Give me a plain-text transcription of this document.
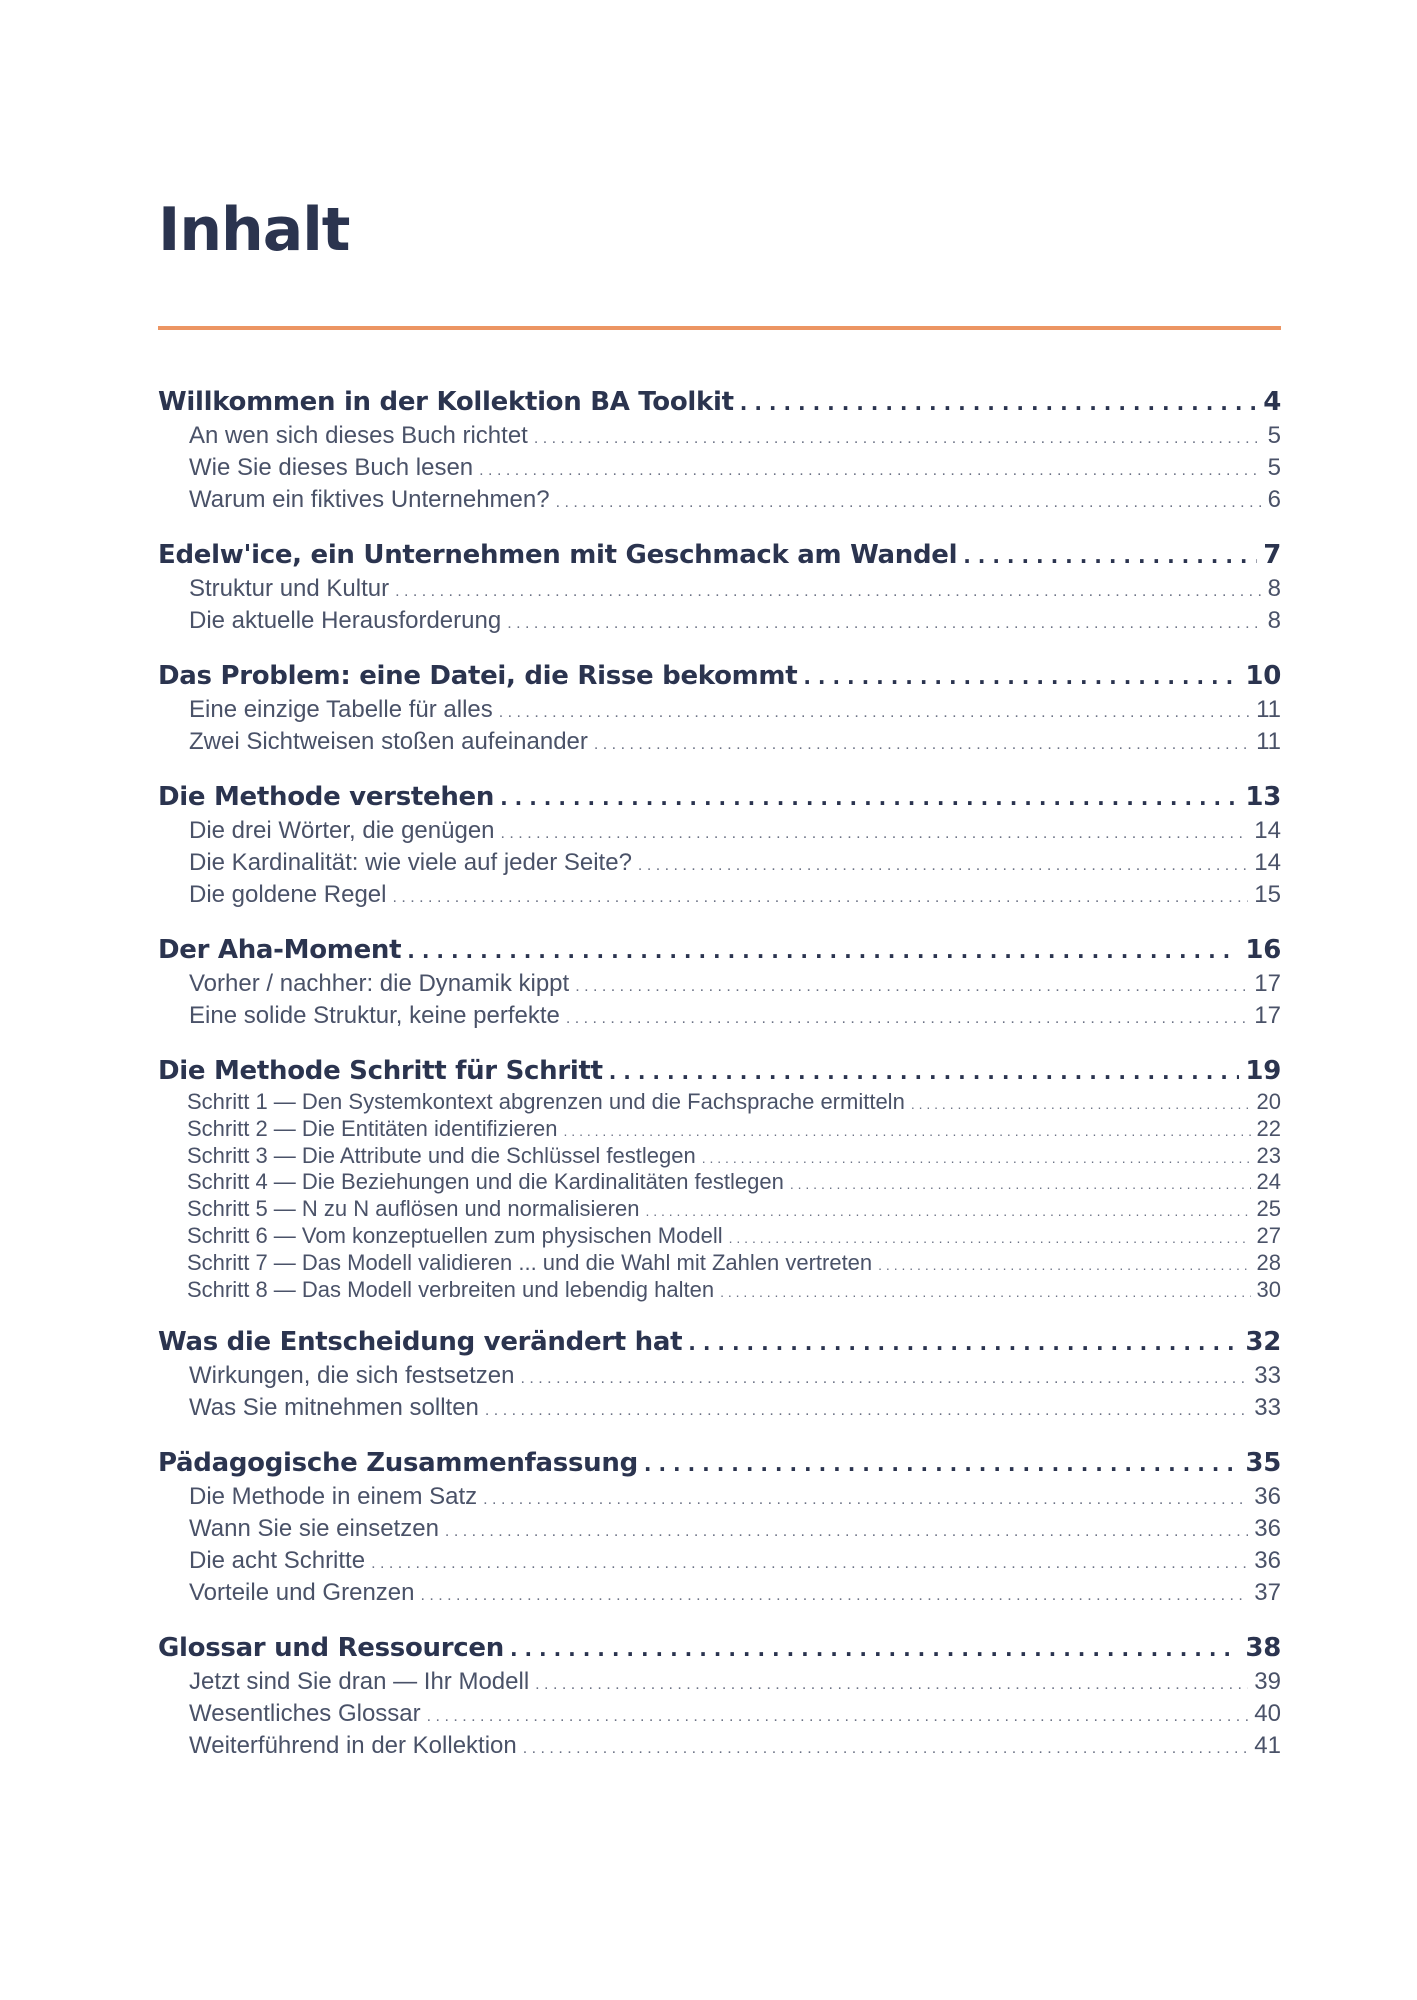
Inhalt
Willkommen in der Kollektion BA Toolkit . . .	4
An wen sich dieses Buch richtet . . .	5
Wie Sie dieses Buch lesen . . .	5
Warum ein fiktives Unternehmen? . . .	6
Edelw'ice, ein Unternehmen mit Geschmack am Wandel . . .	7
Struktur und Kultur . . .	8
Die aktuelle Herausforderung . . .	8
Das Problem: eine Datei, die Risse bekommt . . .	10
Eine einzige Tabelle für alles . . .	11
Zwei Sichtweisen stoßen aufeinander . . .	11
Die Methode verstehen . . .	13
Die drei Wörter, die genügen . . .	14
Die Kardinalität: wie viele auf jeder Seite? . . .	14
Die goldene Regel . . .	15
Der Aha-Moment . . .	16
Vorher / nachher: die Dynamik kippt . . .	17
Eine solide Struktur, keine perfekte . . .	17
Die Methode Schritt für Schritt . . .	19
Schritt 1 — Den Systemkontext abgrenzen und die Fachsprache ermitteln . . .	20
Schritt 2 — Die Entitäten identifizieren . . .	22
Schritt 3 — Die Attribute und die Schlüssel festlegen . . .	23
Schritt 4 — Die Beziehungen und die Kardinalitäten festlegen . . .	24
Schritt 5 — N zu N auflösen und normalisieren . . .	25
Schritt 6 — Vom konzeptuellen zum physischen Modell . . .	27
Schritt 7 — Das Modell validieren ... und die Wahl mit Zahlen vertreten . . .	28
Schritt 8 — Das Modell verbreiten und lebendig halten . . .	30
Was die Entscheidung verändert hat . . .	32
Wirkungen, die sich festsetzen . . .	33
Was Sie mitnehmen sollten . . .	33
Pädagogische Zusammenfassung . . .	35
Die Methode in einem Satz . . .	36
Wann Sie sie einsetzen . . .	36
Die acht Schritte . . .	36
Vorteile und Grenzen . . .	37
Glossar und Ressourcen . . .	38
Jetzt sind Sie dran — Ihr Modell . . .	39
Wesentliches Glossar . . .	40
Weiterführend in der Kollektion . . .	41
